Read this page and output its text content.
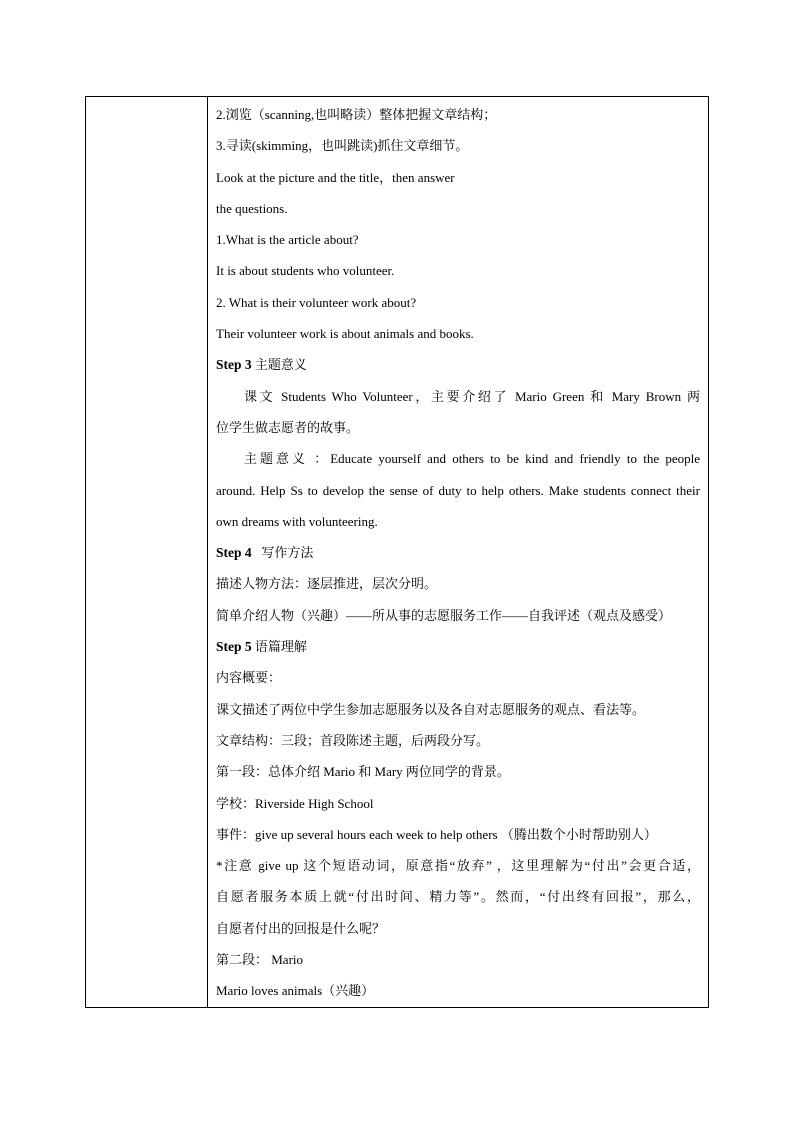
2.浏览（scanning,也叫略读）整体把握文章结构；
3.寻读(skimming，也叫跳读)抓住文章细节。
Look at the picture and the title，then answer
the questions.
1.What is the article about?
It is about students who volunteer.
2. What is their volunteer work about?
Their volunteer work is about animals and books.
Step 3 主题意义
课文 Students Who Volunteer，主要介绍了 Mario Green 和 Mary Brown 两
位学生做志愿者的故事。
主题意义 ：Educate yourself and others to be kind and friendly to the people
around. Help Ss to develop the sense of duty to help others. Make students connect their
own dreams with volunteering.
Step 4 写作方法
描述人物方法：逐层推进，层次分明。
简单介绍人物（兴趣）——所从事的志愿服务工作——自我评述（观点及感受）
Step 5 语篇理解
内容概要：
课文描述了两位中学生参加志愿服务以及各自对志愿服务的观点、看法等。
文章结构：三段；首段陈述主题，后两段分写。
第一段：总体介绍 Mario 和 Mary 两位同学的背景。
学校：Riverside High School
事件：give up several hours each week to help others （腾出数个小时帮助别人）
*注意 give up 这个短语动词，原意指“放弃” ，这里理解为“付出”会更合适，
自愿者服务本质上就“付出时间、精力等”。然而，“付出终有回报”，那么，
自愿者付出的回报是什么呢？
第二段： Mario
Mario loves animals（兴趣）
